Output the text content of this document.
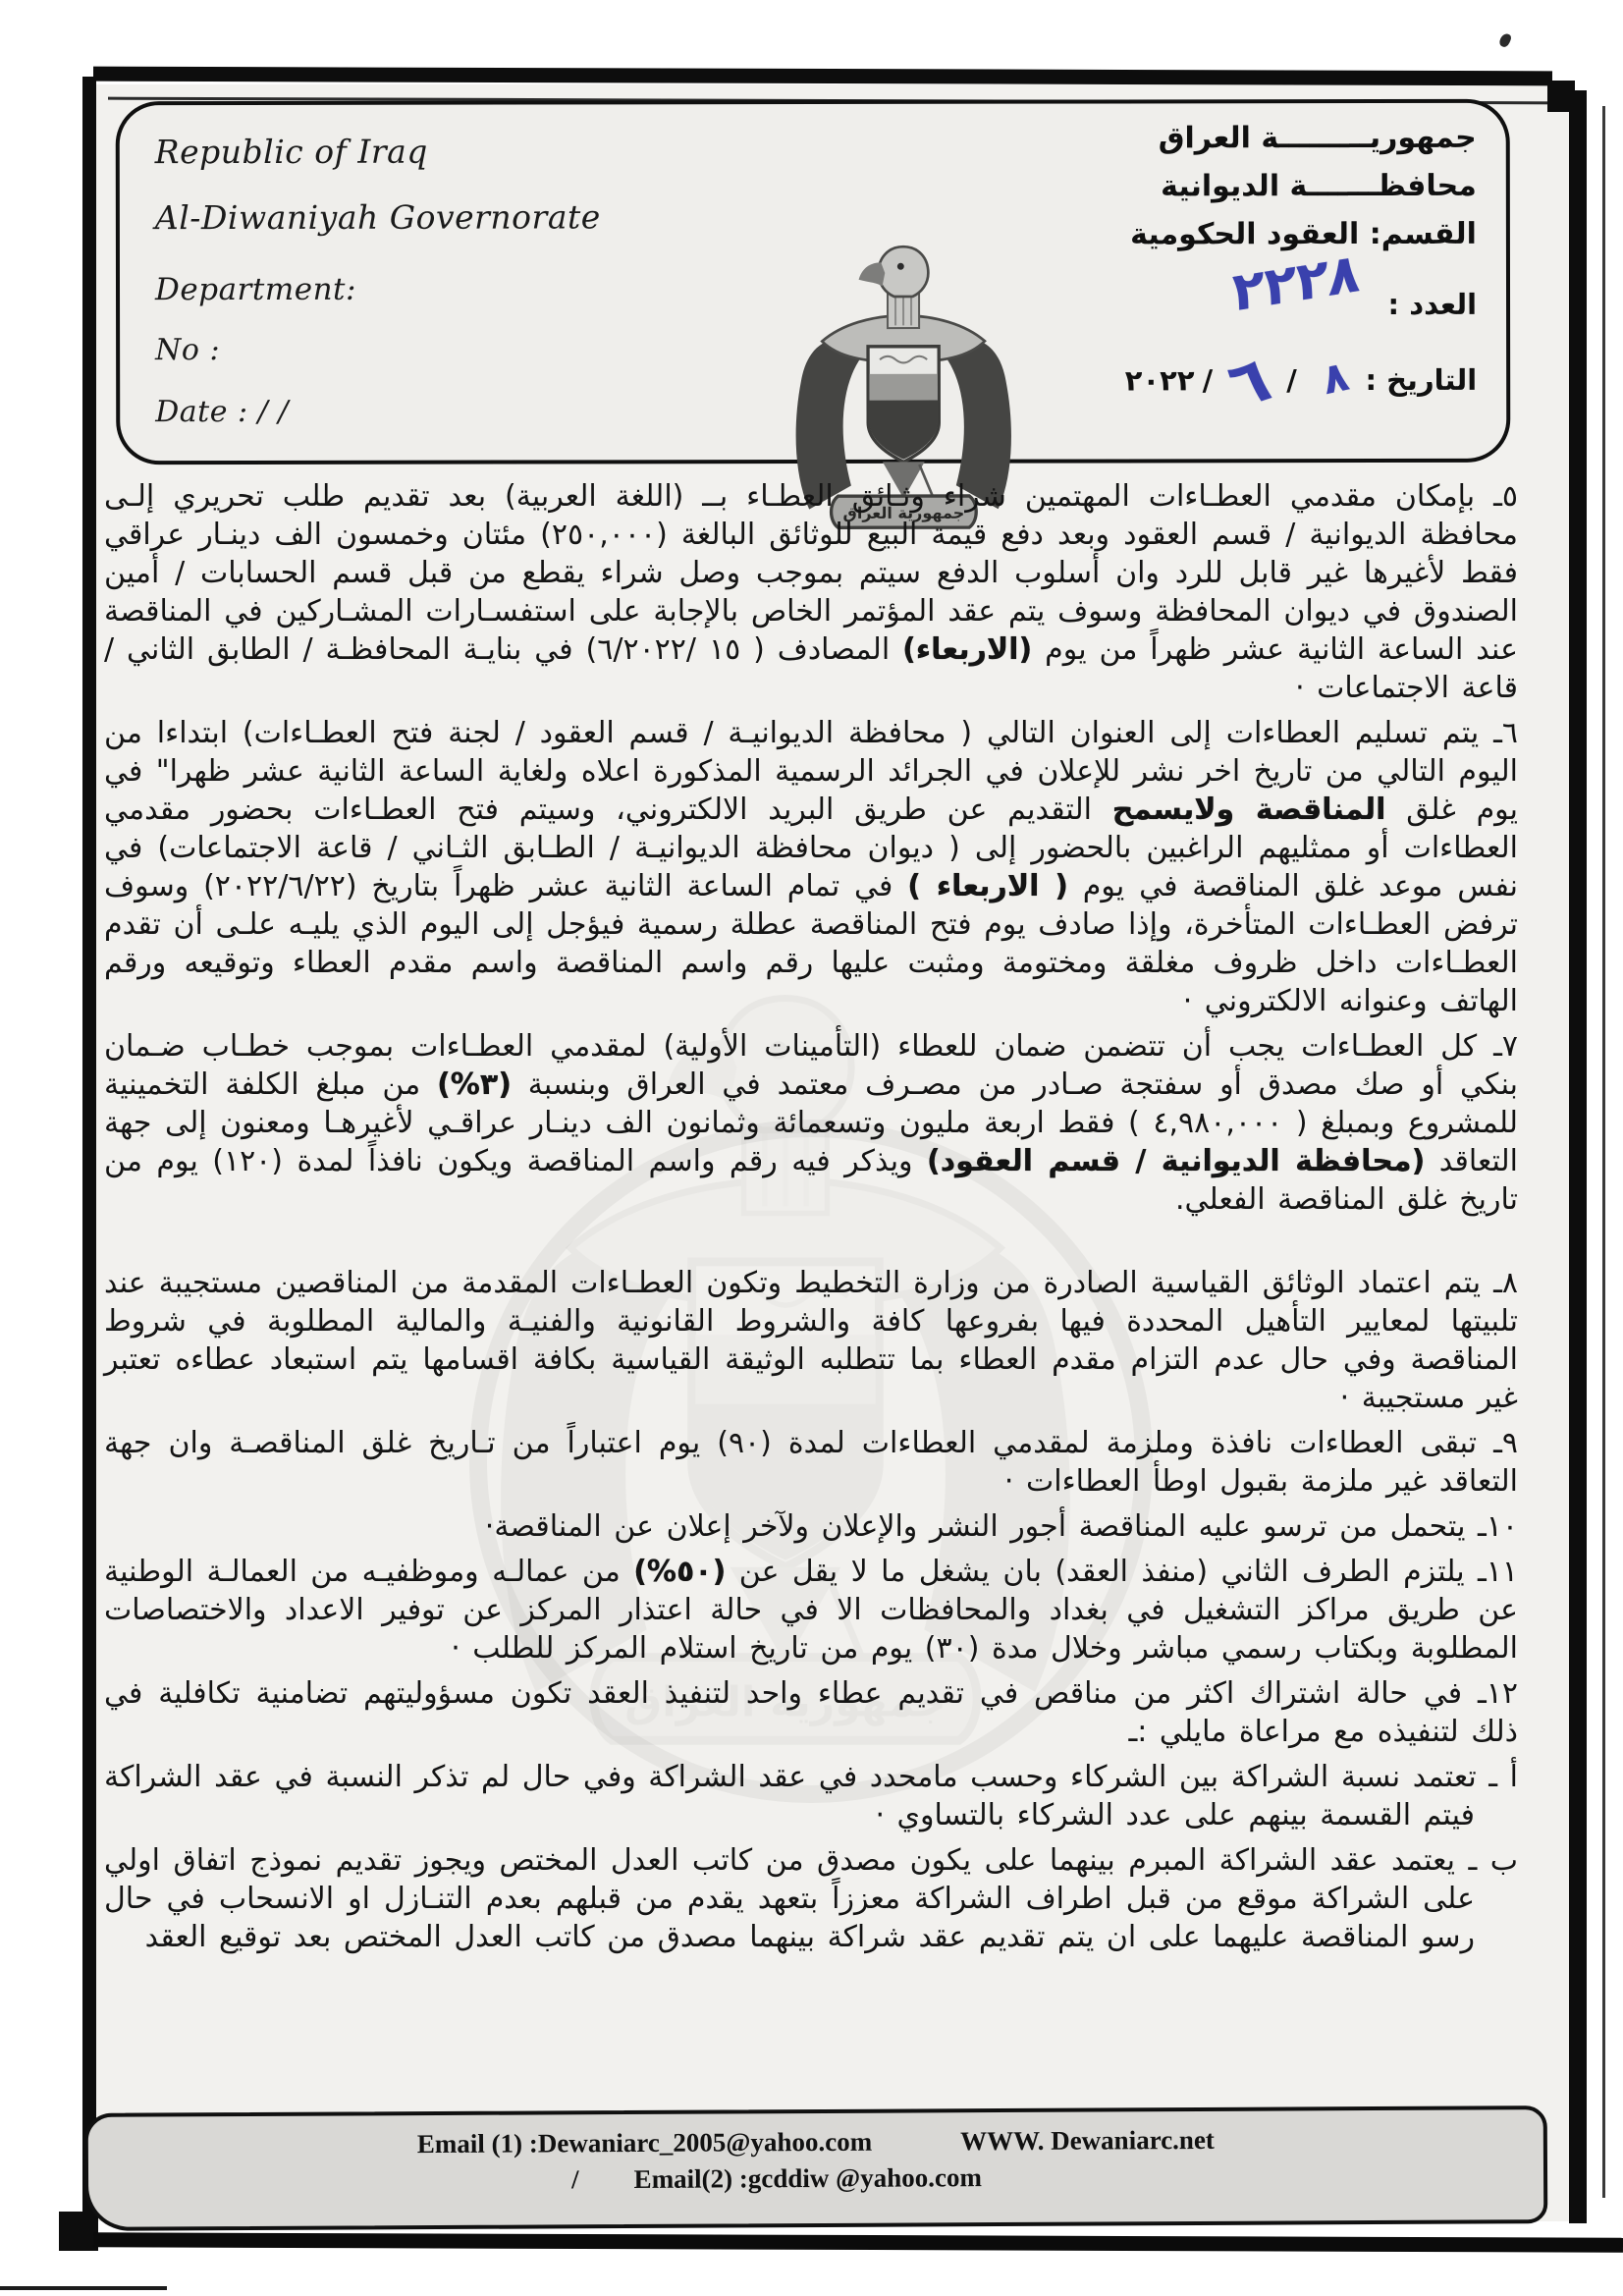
Republic of Iraq
Al-Diwaniyah Governorate
Department:
No :
Date : / /
جمهوريـــــــــة العراق
محافظـــــــة الديوانية
القسم: العقود الحكومية
العدد :
٢٢٢٨
التاريخ :
٨
/
٦
/
٢٠٢٢

٥ـ بإمكان مقدمي العطـاءات المهتمين شراء وثـائق العطـاء بــ (اللغة العربية) بعد تقديم طلب تحريري إلـى محافظة الديوانية / قسم العقود وبعد دفع قيمة البيع للوثائق البالغة (٢٥٠,٠٠٠) مئتان وخمسون الف دينـار عراقي فقط لأغيرها غير قابل للرد وان أسلوب الدفع سيتم بموجب وصل شراء يقطع من قبل قسم الحسابات / أمين الصندوق في ديوان المحافظة وسوف يتم عقد المؤتمر الخاص بالإجابة على استفسـارات المشـاركين في المناقصة عند الساعة الثانية عشر ظهراً من يوم (الاربعاء) المصادف ( ١٥ /٦/٢٠٢٢) في بنايـة المحافظـة / الطابق الثاني / قاعة الاجتماعات ·

٦ـ يتم تسليم العطاءات إلى العنوان التالي ( محافظة الديوانيـة / قسم العقود / لجنة فتح العطـاءات) ابتداءا من اليوم التالي من تاريخ اخر نشر للإعلان في الجرائد الرسمية المذكورة اعلاه ولغاية الساعة الثانية عشر ظهرا" في يوم غلق المناقصة ولايسمح التقديم عن طريق البريد الالكتروني، وسيتم فتح العطـاءات بحضور مقدمي العطاءات أو ممثليهم الراغبين بالحضور إلى ( ديوان محافظة الديوانيـة / الطـابق الثـاني / قاعة الاجتماعات) في نفس موعد غلق المناقصة في يوم ( الاربعاء ) في تمام الساعة الثانية عشر ظهراً بتاريخ (٢٠٢٢/٦/٢٢) وسوف ترفض العطـاءات المتأخرة، وإذا صادف يوم فتح المناقصة عطلة رسمية فيؤجل إلى اليوم الذي يليـه علـى أن تقدم العطـاءات داخل ظروف مغلقة ومختومة ومثبت عليها رقم واسم المناقصة واسم مقدم العطاء وتوقيعه ورقم الهاتف وعنوانه الالكتروني ·

٧ـ كل العطـاءات يجب أن تتضمن ضمان للعطاء (التأمينات الأولية) لمقدمي العطـاءات بموجب خطـاب ضـمان بنكي أو صك مصدق أو سفتجة صـادر من مصـرف معتمد في العراق وبنسبة (٣%) من مبلغ الكلفة التخمينية للمشروع وبمبلغ ( ٤,٩٨٠,٠٠٠ ) فقط اربعة مليون وتسعمائة وثمانون الف دينـار عراقـي لأغيرهـا ومعنون إلى جهة التعاقد (محافظة الديوانية / قسم العقود) ويذكر فيه رقم واسم المناقصة ويكون نافذاً لمدة (١٢٠) يوم من تاريخ غلق المناقصة الفعلي.

٨ـ يتم اعتماد الوثائق القياسية الصادرة من وزارة التخطيط وتكون العطـاءات المقدمة من المناقصين مستجيبة عند تلبيتها لمعايير التأهيل المحددة فيها بفروعها كافة والشروط القانونية والفنيـة والمالية المطلوبة في شروط المناقصة وفي حال عدم التزام مقدم العطاء بما تتطلبه الوثيقة القياسية بكافة اقسامها يتم استبعاد عطاءه تعتبر غير مستجيبة ·

٩ـ تبقى العطاءات نافذة وملزمة لمقدمي العطاءات لمدة (٩٠) يوم اعتباراً من تـاريخ غلق المناقصـة وان جهة التعاقد غير ملزمة بقبول اوطأ العطاءات ·

١٠ـ يتحمل من ترسو عليه المناقصة أجور النشر والإعلان ولآخر إعلان عن المناقصة·

١١ـ يلتزم الطرف الثاني (منفذ العقد) بان يشغل ما لا يقل عن (٥٠%) من عمالـه وموظفيـه من العمالـة الوطنية عن طريق مراكز التشغيل في بغداد والمحافظات الا في حالة اعتذار المركز عن توفير الاعداد والاختصاصات المطلوبة وبكتاب رسمي مباشر وخلال مدة (٣٠) يوم من تاريخ استلام المركز للطلب ·

١٢ـ في حالة اشتراك اكثر من مناقص في تقديم عطاء واحد لتنفيذ العقد تكون مسؤوليتهم تضامنية تكافلية في ذلك لتنفيذه مع مراعاة مايلي :ـ

أ ـ تعتمد نسبة الشراكة بين الشركاء وحسب مامحدد في عقد الشراكة وفي حال لم تذكر النسبة في عقد الشراكة فيتم القسمة بينهم على عدد الشركاء بالتساوي ·

ب ـ يعتمد عقد الشراكة المبرم بينهما على يكون مصدق من كاتب العدل المختص ويجوز تقديم نموذج اتفاق اولي على الشراكة موقع من قبل اطراف الشراكة معززاً بتعهد يقدم من قبلهم بعدم التنـازل او الانسحاب في حال رسو المناقصة عليهما على ان يتم تقديم عقد شراكة بينهما مصدق من كاتب العدل المختص بعد توقيع العقد

Email (1) :Dewaniarc_2005@yahoo.com	WWW. Dewaniarc.net
/ Email(2) :gcddiw @yahoo.com
